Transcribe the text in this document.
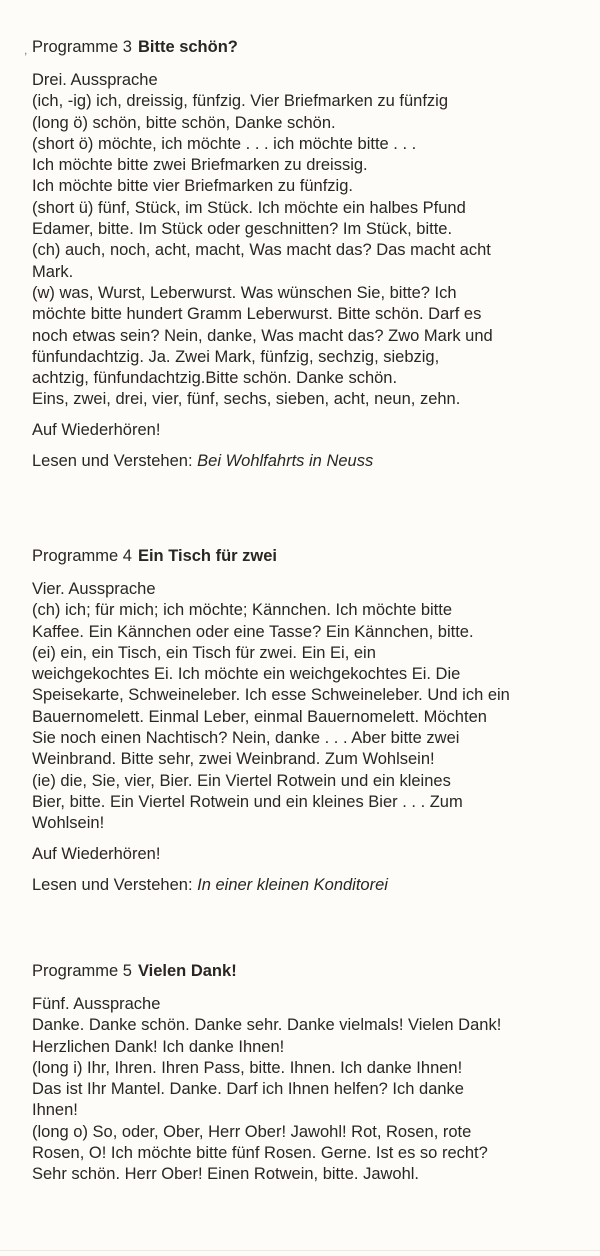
, Programme 3 Bitte schön?
Drei. Aussprache
(ich, -ig) ich, dreissig, fünfzig. Vier Briefmarken zu fünfzig
(long ö) schön, bitte schön, Danke schön.
(short ö) möchte, ich möchte . . . ich möchte bitte . . .
Ich möchte bitte zwei Briefmarken zu dreissig.
Ich möchte bitte vier Briefmarken zu fünfzig.
(short ü) fünf, Stück, im Stück. Ich möchte ein halbes Pfund
Edamer, bitte. Im Stück oder geschnitten? Im Stück, bitte.
(ch) auch, noch, acht, macht, Was macht das? Das macht acht
Mark.
(w) was, Wurst, Leberwurst. Was wünschen Sie, bitte? Ich
möchte bitte hundert Gramm Leberwurst. Bitte schön. Darf es
noch etwas sein? Nein, danke, Was macht das? Zwo Mark und
fünfundachtzig. Ja. Zwei Mark, fünfzig, sechzig, siebzig,
achtzig, fünfundachtzig.Bitte schön. Danke schön.
Eins, zwei, drei, vier, fünf, sechs, sieben, acht, neun, zehn.
Auf Wiederhören!
Lesen und Verstehen: Bei Wohlfahrts in Neuss
Programme 4 Ein Tisch für zwei
Vier. Aussprache
(ch) ich; für mich; ich möchte; Kännchen. Ich möchte bitte
Kaffee. Ein Kännchen oder eine Tasse? Ein Kännchen, bitte.
(ei) ein, ein Tisch, ein Tisch für zwei. Ein Ei, ein
weichgekochtes Ei. Ich möchte ein weichgekochtes Ei. Die
Speisekarte, Schweineleber. Ich esse Schweineleber. Und ich ein
Bauernomelett. Einmal Leber, einmal Bauernomelett. Möchten
Sie noch einen Nachtisch? Nein, danke . . . Aber bitte zwei
Weinbrand. Bitte sehr, zwei Weinbrand. Zum Wohlsein!
(ie) die, Sie, vier, Bier. Ein Viertel Rotwein und ein kleines
Bier, bitte. Ein Viertel Rotwein und ein kleines Bier . . . Zum
Wohlsein!
Auf Wiederhören!
Lesen und Verstehen: In einer kleinen Konditorei
Programme 5 Vielen Dank!
Fünf. Aussprache
Danke. Danke schön. Danke sehr. Danke vielmals! Vielen Dank!
Herzlichen Dank! Ich danke Ihnen!
(long i) Ihr, Ihren. Ihren Pass, bitte. Ihnen. Ich danke Ihnen!
Das ist Ihr Mantel. Danke. Darf ich Ihnen helfen? Ich danke
Ihnen!
(long o) So, oder, Ober, Herr Ober! Jawohl! Rot, Rosen, rote
Rosen, O! Ich möchte bitte fünf Rosen. Gerne. Ist es so recht?
Sehr schön. Herr Ober! Einen Rotwein, bitte. Jawohl.
